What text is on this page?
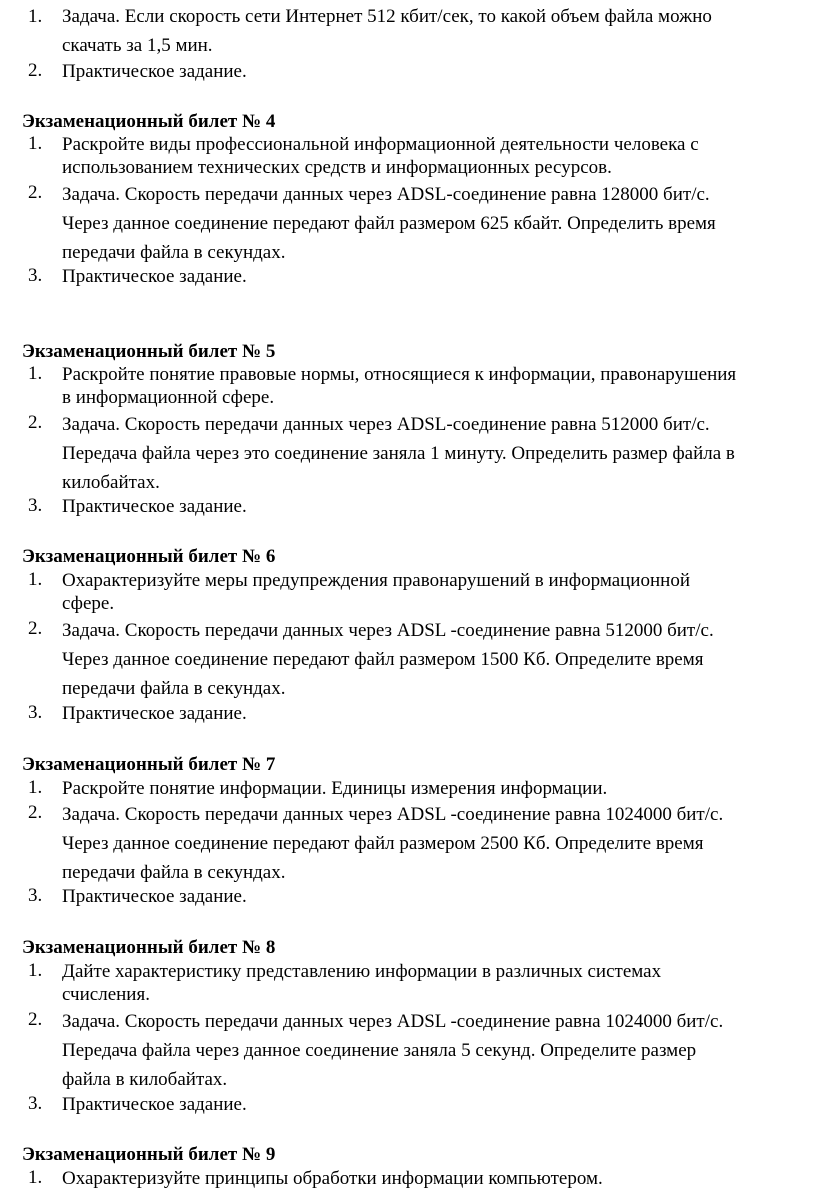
1.	Задача. Если скорость сети Интернет 512 кбит/сек, то какой объем файла можно
скачать за 1,5 мин.
2.	Практическое задание.
Экзаменационный билет № 4
1.	Раскройте виды профессиональной информационной деятельности человека с
использованием технических средств и информационных ресурсов.
2.	Задача. Скорость передачи данных через ADSL-соединение равна 128000 бит/с.
Через данное соединение передают файл размером 625 кбайт. Определить время
передачи файла в секундах.
3.	Практическое задание.
Экзаменационный билет № 5
1.	Раскройте понятие правовые нормы, относящиеся к информации, правонарушения
в информационной сфере.
2.	Задача. Скорость передачи данных через ADSL-соединение равна 512000 бит/с.
Передача файла через это соединение заняла 1 минуту. Определить размер файла в
килобайтах.
3.	Практическое задание.
Экзаменационный билет № 6
1.	Охарактеризуйте меры предупреждения правонарушений в информационной
сфере.
2.	Задача. Скорость передачи данных через ADSL -соединение равна 512000 бит/с.
Через данное соединение передают файл размером 1500 Кб. Определите время
передачи файла в секундах.
3.	Практическое задание.
Экзаменационный билет № 7
1.	Раскройте понятие информации. Единицы измерения информации.
2.	Задача. Скорость передачи данных через ADSL -соединение равна 1024000 бит/с.
Через данное соединение передают файл размером 2500 Кб. Определите время
передачи файла в секундах.
3.	Практическое задание.
Экзаменационный билет № 8
1.	Дайте характеристику представлению информации в различных системах
счисления.
2.	Задача. Скорость передачи данных через ADSL -соединение равна 1024000 бит/с.
Передача файла через данное соединение заняла 5 секунд. Определите размер
файла в килобайтах.
3.	Практическое задание.
Экзаменационный билет № 9
1.	Охарактеризуйте принципы обработки информации компьютером.
